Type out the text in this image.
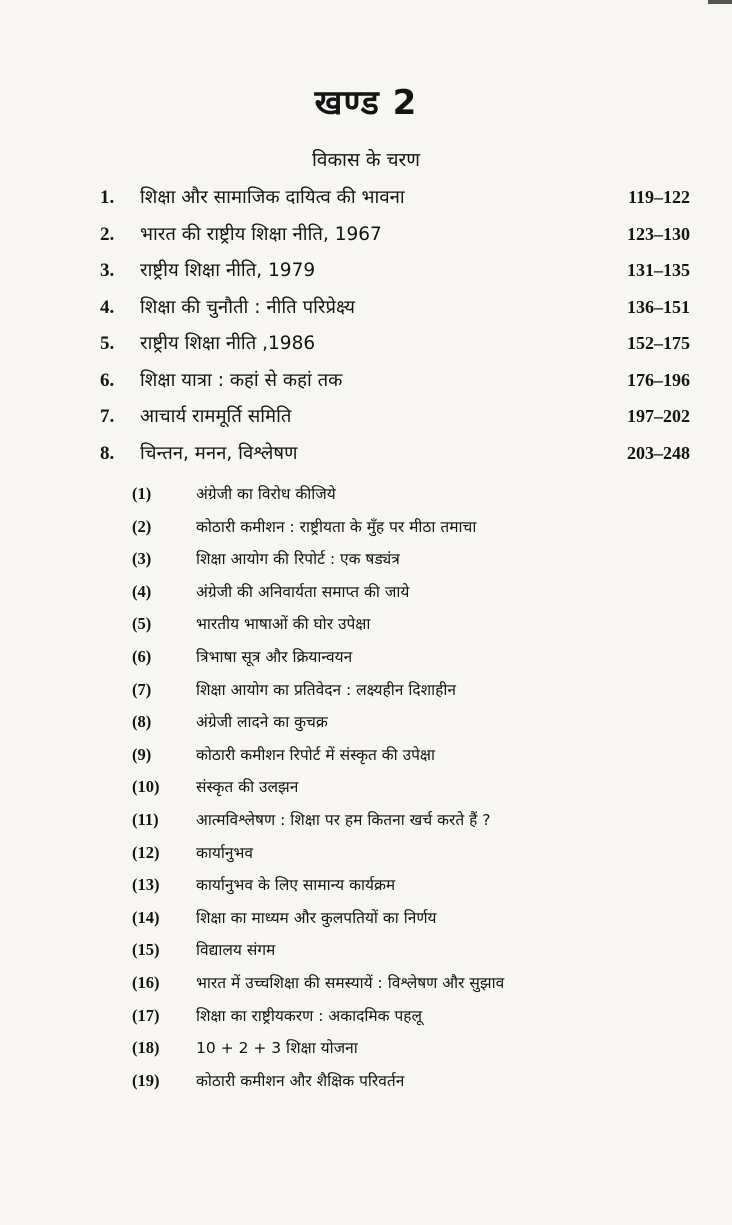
खण्ड 2
विकास के चरण
1.	शिक्षा और सामाजिक दायित्व की भावना	119–122
2.	भारत की राष्ट्रीय शिक्षा नीति, 1967	123–130
3.	राष्ट्रीय शिक्षा नीति, 1979	131–135
4.	शिक्षा की चुनौती : नीति परिप्रेक्ष्य	136–151
5.	राष्ट्रीय शिक्षा नीति ,1986	152–175
6.	शिक्षा यात्रा : कहां से कहां तक	176–196
7.	आचार्य राममूर्ति समिति	197–202
8.	चिन्तन, मनन, विश्लेषण	203–248
(1)	अंग्रेजी का विरोध कीजिये
(2)	कोठारी कमीशन : राष्ट्रीयता के मुँह पर मीठा तमाचा
(3)	शिक्षा आयोग की रिपोर्ट : एक षड्यंत्र
(4)	अंग्रेजी की अनिवार्यता समाप्त की जाये
(5)	भारतीय भाषाओं की घोर उपेक्षा
(6)	त्रिभाषा सूत्र और क्रियान्वयन
(7)	शिक्षा आयोग का प्रतिवेदन : लक्ष्यहीन दिशाहीन
(8)	अंग्रेजी लादने का कुचक्र
(9)	कोठारी कमीशन रिपोर्ट में संस्कृत की उपेक्षा
(10)	संस्कृत की उलझन
(11)	आत्मविश्लेषण : शिक्षा पर हम कितना खर्च करते हैं ?
(12)	कार्यानुभव
(13)	कार्यानुभव के लिए सामान्य कार्यक्रम
(14)	शिक्षा का माध्यम और कुलपतियों का निर्णय
(15)	विद्यालय संगम
(16)	भारत में उच्चशिक्षा की समस्यायें : विश्लेषण और सुझाव
(17)	शिक्षा का राष्ट्रीयकरण : अकादमिक पहलू
(18)	10 + 2 + 3 शिक्षा योजना
(19)	कोठारी कमीशन और शैक्षिक परिवर्तन
